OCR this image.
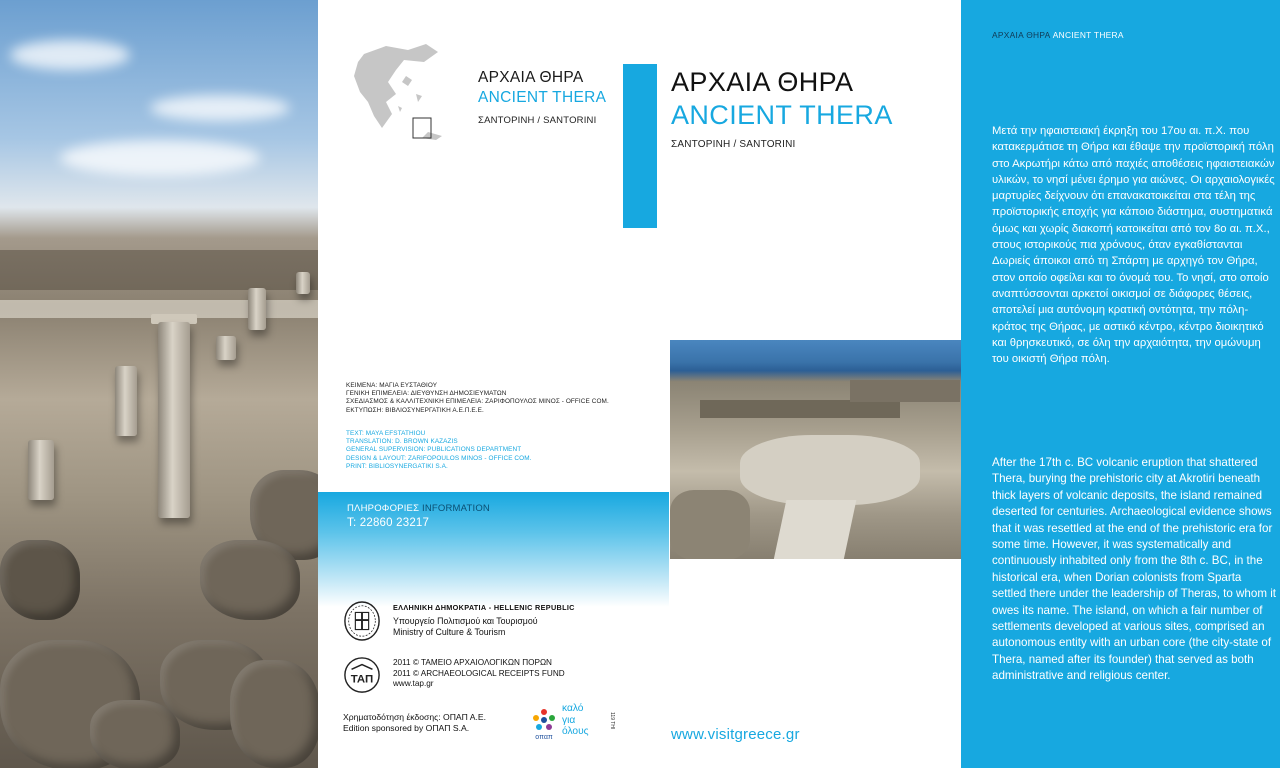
ΑΡΧΑΙΑ ΘΗΡΑ
ANCIENT THERA
ΣΑΝΤΟΡΙΝΗ / SANTORINI
ΚΕΙΜΕΝΑ: ΜΑΓΙΑ ΕΥΣΤΑΘΙΟΥ
ΓΕΝΙΚΗ ΕΠΙΜΕΛΕΙΑ: ΔΙΕΥΘΥΝΣΗ ΔΗΜΟΣΙΕΥΜΑΤΩΝ
ΣΧΕΔΙΑΣΜΟΣ & ΚΑΛΛΙΤΕΧΝΙΚΗ ΕΠΙΜΕΛΕΙΑ: ΖΑΡΙΦΟΠΟΥΛΟΣ ΜΙΝΟΣ - OFFICE COM.
ΕΚΤΥΠΩΣΗ: ΒΙΒΛΙΟΣΥΝΕΡΓΑΤΙΚΗ Α.Ε.Π.Ε.Ε.
TEXT: MAYA EFSTATHIOU
TRANSLATION: D. BROWN KAZAZIS
GENERAL SUPERVISION: PUBLICATIONS DEPARTMENT
DESIGN & LAYOUT: ZARIFOPOULOS MINOS - OFFICE COM.
PRINT: BIBLIOSYNERGATIKI S.A.
ΠΛΗΡΟΦΟΡΙΕΣ INFORMATION
Τ: 22860 23217
ΕΛΛΗΝΙΚΗ ΔΗΜΟΚΡΑΤΙΑ - HELLENIC REPUBLIC
Υπουργείο Πολιτισμού και Τουρισμού
Ministry of Culture & Tourism
ΤΑΠ
2011 © ΤΑΜΕΙΟ ΑΡΧΑΙΟΛΟΓΙΚΩΝ ΠΟΡΩΝ
2011 © ARCHAEOLOGICAL RECEIPTS FUND
www.tap.gr
Χρηματοδότηση έκδοσης: ΟΠΑΠ Α.Ε.
Edition sponsored by ΟΠΑΠ S.A.
οπαπ
καλό
για
όλους
119 ΤΗΙ
ΑΡΧΑΙΑ ΘΗΡΑ
ANCIENT THERA
ΣΑΝΤΟΡΙΝΗ / SANTORINI
www.visitgreece.gr
ΑΡΧΑΙΑ ΘΗΡΑ ANCIENT THERA
Μετά την ηφαιστειακή έκρηξη του 17ου αι. π.Χ. που κατακερμάτισε τη Θήρα και έθαψε την προϊστορική πόλη στο Ακρωτήρι κάτω από παχιές αποθέσεις ηφαιστειακών υλικών, το νησί μένει έρημο για αιώνες. Οι αρχαιολογικές μαρτυρίες δείχνουν ότι επανακατοικείται στα τέλη της προϊστορικής εποχής για κάποιο διάστημα, συστηματικά όμως και χωρίς διακοπή κατοικείται από τον 8ο αι. π.Χ., στους ιστορικούς πια χρόνους, όταν εγκαθίστανται Δωριείς άποικοι από τη Σπάρτη με αρχηγό τον Θήρα, στον οποίο οφείλει και το όνομά του. Το νησί, στο οποίο αναπτύσσονται αρκετοί οικισμοί σε διάφορες θέσεις, αποτελεί μια αυτόνομη κρατική οντότητα, την πόλη-κράτος της Θήρας, με αστικό κέντρο, κέντρο διοικητικό και θρησκευτικό, σε όλη την αρχαιότητα, την ομώνυμη του οικιστή Θήρα πόλη.
After the 17th c. BC volcanic eruption that shattered Thera, burying the prehistoric city at Akrotiri beneath thick layers of volcanic deposits, the island remained deserted for centuries. Archaeological evidence shows that it was resettled at the end of the prehistoric era for some time. However, it was systematically and continuously inhabited only from the 8th c. BC, in the historical era, when Dorian colonists from Sparta settled there under the leadership of Theras, to whom it owes its name. The island, on which a fair number of settlements developed at various sites, comprised an autonomous entity with an urban core (the city-state of Thera, named after its founder) that served as both administrative and religious center.
